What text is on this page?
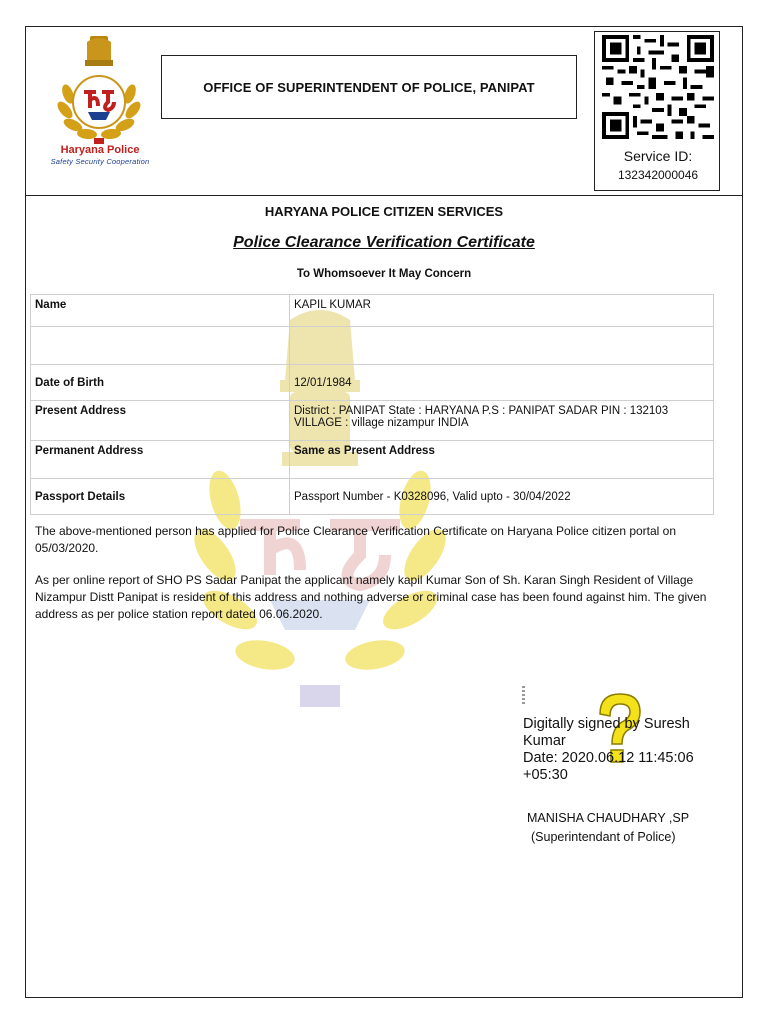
Haryana Police
Safety Security Cooperation
OFFICE OF SUPERINTENDENT OF POLICE, PANIPAT
Service ID:
132342000046
HARYANA POLICE CITIZEN SERVICES
Police Clearance Verification Certificate
To Whomsoever It May Concern
Name	KAPIL KUMAR

Date of Birth	12/01/1984
Present Address	District : PANIPAT State : HARYANA P.S : PANIPAT SADAR PIN : 132103 VILLAGE : village nizampur INDIA
Permanent Address	Same as Present Address
Passport Details	Passport Number - K0328096, Valid upto - 30/04/2022
The above-mentioned person has applied for Police Clearance Verification Certificate on Haryana Police citizen portal on 05/03/2020.
As per online report of SHO PS Sadar Panipat the applicant namely kapil Kumar Son of Sh. Karan Singh Resident of Village Nizampur Distt Panipat is resident of this address and nothing adverse or criminal case has been found against him. The given address as per police station report dated 06.06.2020.
Digitally signed by Suresh Kumar
Date: 2020.06.12 11:45:06 +05:30
MANISHA CHAUDHARY ,SP
(Superintendant of Police)
